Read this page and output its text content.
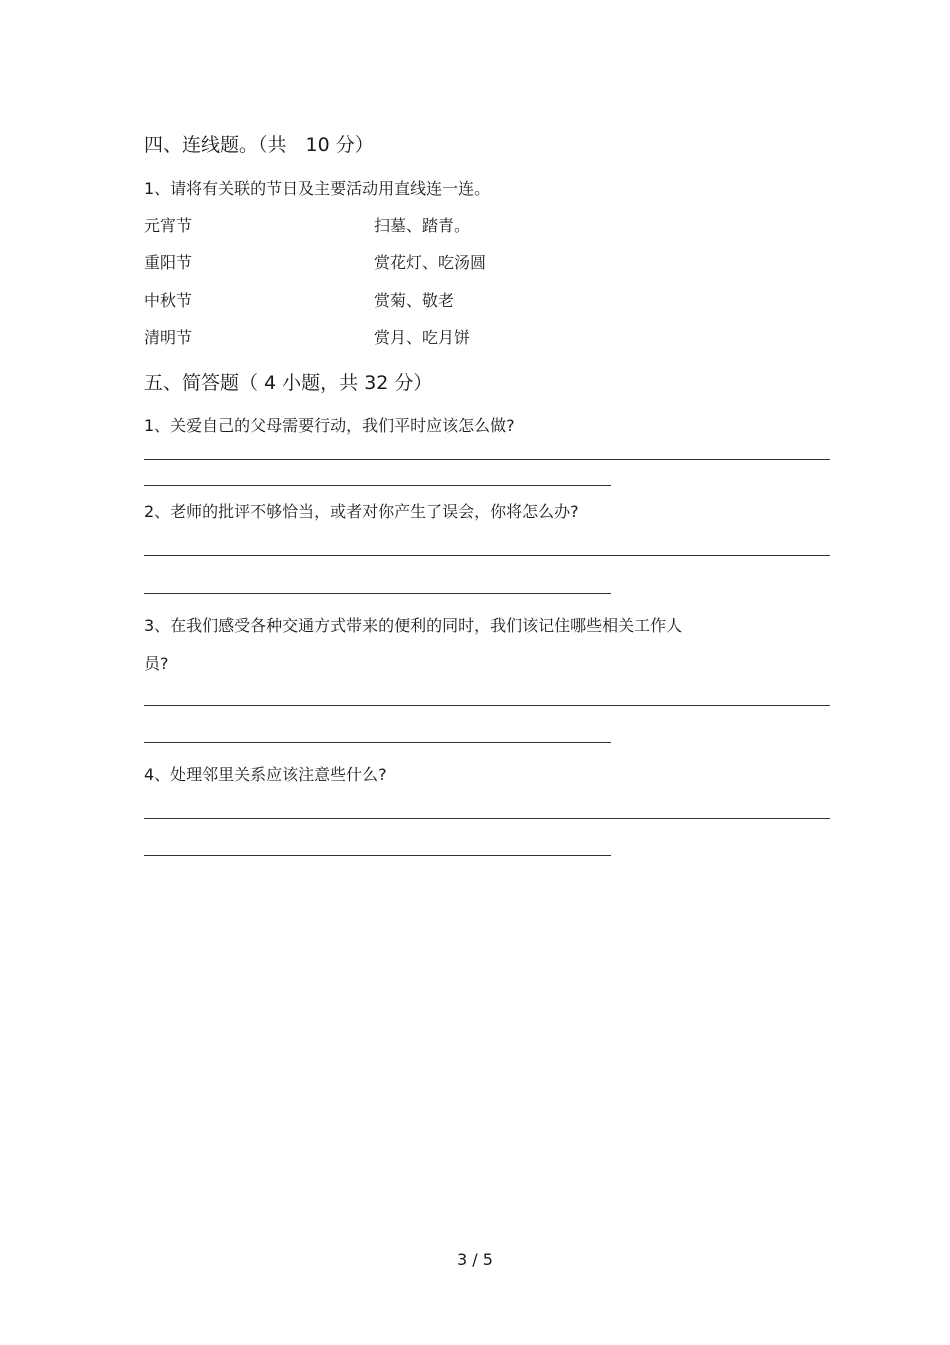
四、连线题。（共　10 分）
1、请将有关联的节日及主要活动用直线连一连。
元宵节	扫墓、踏青。
重阳节	赏花灯、吃汤圆
中秋节	赏菊、敬老
清明节	赏月、吃月饼
五、简答题（ 4 小题，共 32 分）
1、关爱自己的父母需要行动，我们平时应该怎么做?
2、老师的批评不够恰当，或者对你产生了误会，你将怎么办?
3、在我们感受各种交通方式带来的便利的同时，我们该记住哪些相关工作人
员?
4、处理邻里关系应该注意些什么?
3 / 5
